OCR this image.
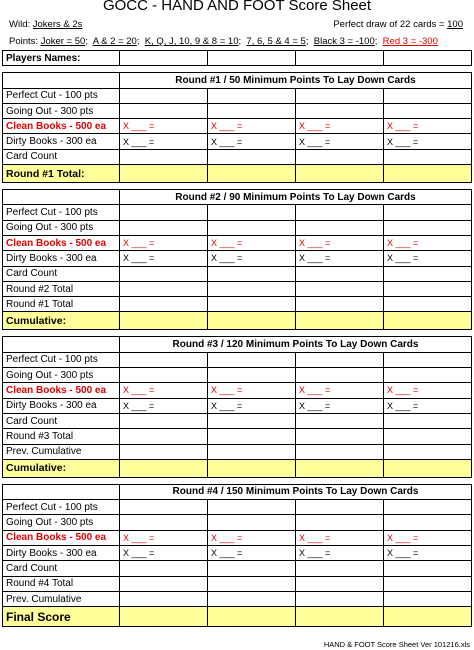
GOCC - HAND AND FOOT Score Sheet
Wild: Jokers & 2s	Perfect draw of 22 cards = 100
Points: Joker = 50;  A & 2 = 20;  K, Q, J, 10, 9 & 8 = 10;  7, 6, 5 & 4 = 5;  Black 3 = -100;  Red 3 = -300
Players Names:				

	Round #1 / 50 Minimum Points To Lay Down Cards			
Perfect Cut - 100 pts				
Going Out - 300 pts				
Clean Books - 500 ea	X ___ =	X ___ =	X ___ =	X ___ =
Dirty Books - 300 ea	X ___ =	X ___ =	X ___ =	X ___ =
Card Count				
Round #1 Total:				

	Round #2 / 90 Minimum Points To Lay Down Cards			
Perfect Cut - 100 pts				
Going Out - 300 pts				
Clean Books - 500 ea	X ___ =	X ___ =	X ___ =	X ___ =
Dirty Books - 300 ea	X ___ =	X ___ =	X ___ =	X ___ =
Card Count				
Round #2 Total				
Round #1 Total				
Cumulative:				

	Round #3 / 120 Minimum Points To Lay Down Cards			
Perfect Cut - 100 pts				
Going Out - 300 pts				
Clean Books - 500 ea	X ___ =	X ___ =	X ___ =	X ___ =
Dirty Books - 300 ea	X ___ =	X ___ =	X ___ =	X ___ =
Card Count				
Round #3 Total				
Prev. Cumulative				
Cumulative:				

	Round #4 / 150 Minimum Points To Lay Down Cards			
Perfect Cut - 100 pts				
Going Out - 300 pts				
Clean Books - 500 ea	X ___ =	X ___ =	X ___ =	X ___ =
Dirty Books - 300 ea	X ___ =	X ___ =	X ___ =	X ___ =
Card Count				
Round #4 Total				
Prev. Cumulative				
Final Score				
HAND & FOOT Score Sheet Ver 101216.xls
